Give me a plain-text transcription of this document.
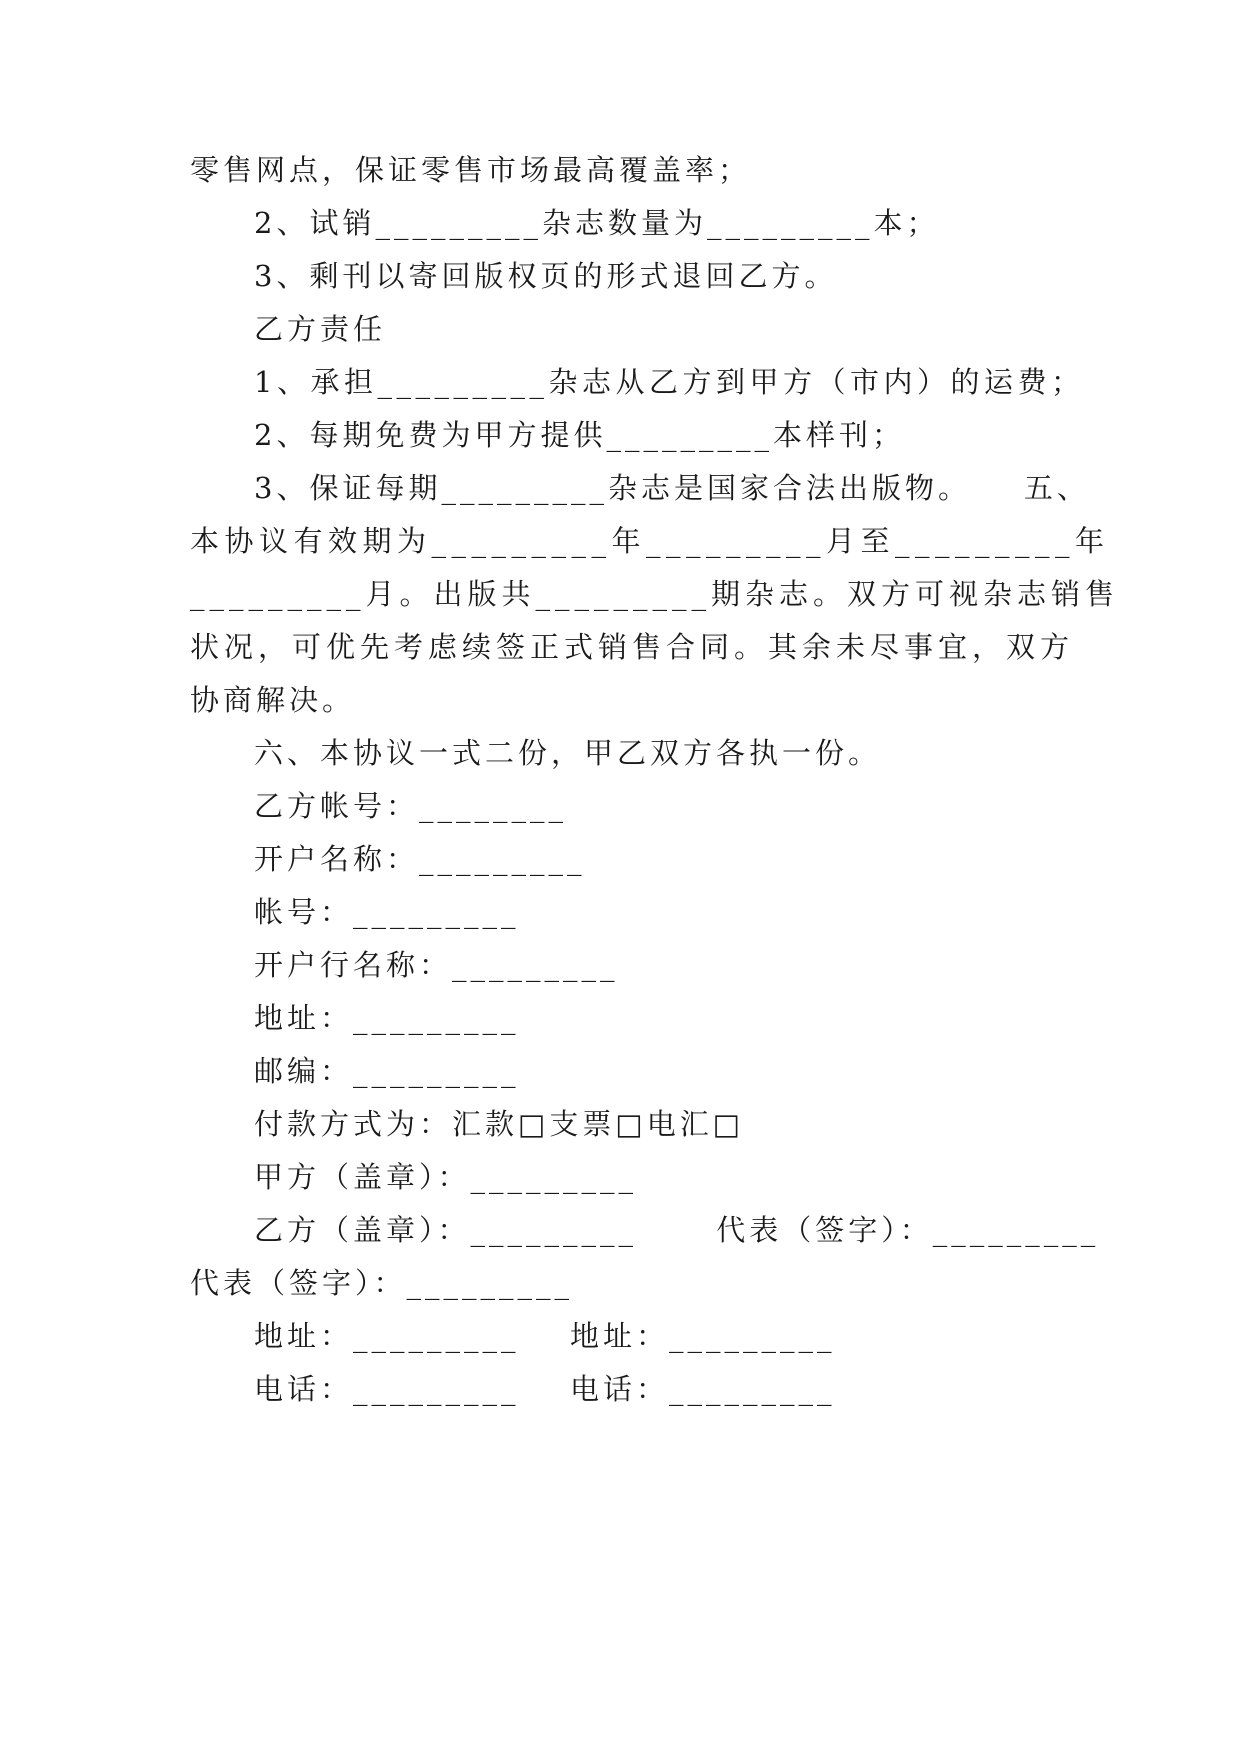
零售网点，保证零售市场最高覆盖率；
2、试销_________杂志数量为_________本；
3、剩刊以寄回版权页的形式退回乙方。
乙方责任
1、承担_________杂志从乙方到甲方（市内）的运费；
2、每期免费为甲方提供_________本样刊；
3、保证每期_________杂志是国家合法出版物。    五、
本协议有效期为_________年_________月至_________年
_________月。出版共_________期杂志。双方可视杂志销售
状况，可优先考虑续签正式销售合同。其余未尽事宜，双方
协商解决。
六、本协议一式二份，甲乙双方各执一份。
乙方帐号：________
开户名称：_________
帐号：_________
开户行名称：_________
地址：_________
邮编：_________
付款方式为：汇款□支票□电汇□
甲方（盖章）：_________
乙方（盖章）：_________      代表（签字）：_________
代表（签字）：_________
地址：_________	地址：_________
电话：_________	电话：_________
